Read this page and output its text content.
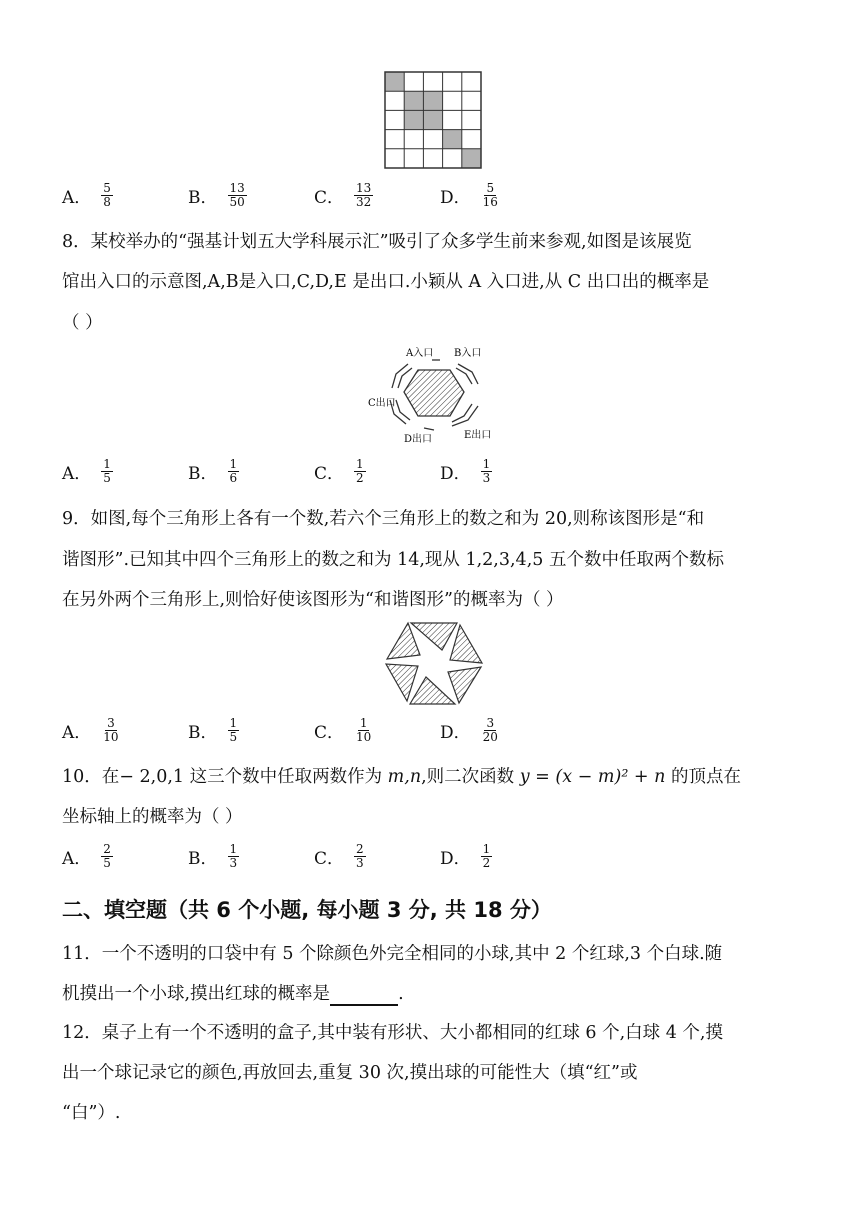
A． $\frac{5}{8}$	B． $\frac{13}{50}$	C． $\frac{13}{32}$	D． $\frac{5}{16}$
8．某校举办的“强基计划五大学科展示汇”吸引了众多学生前来参观,如图是该展览
馆出入口的示意图,A,B是入口,C,D,E 是出口.小颖从 A 入口进,从 C 出口出的概率是
（ ）
A入口 B入口
C出口
D出口	E出口
A． $\frac{1}{5}$	B． $\frac{1}{6}$	C． $\frac{1}{2}$	D． $\frac{1}{3}$
9．如图,每个三角形上各有一个数,若六个三角形上的数之和为 20,则称该图形是“和
谐图形”.已知其中四个三角形上的数之和为 14,现从 1,2,3,4,5 五个数中任取两个数标
在另外两个三角形上,则恰好使该图形为“和谐图形”的概率为（ ）
A． $\frac{3}{10}$	B． $\frac{1}{5}$	C． $\frac{1}{10}$	D． $\frac{3}{20}$
10．在− 2,0,1 这三个数中任取两数作为 m,n,则二次函数 y = (x − m)² + n 的顶点在
坐标轴上的概率为（ ）
A． $\frac{2}{5}$	B． $\frac{1}{3}$	C． $\frac{2}{3}$	D． $\frac{1}{2}$
二、填空题（共 6 个小题, 每小题 3 分, 共 18 分）
11．一个不透明的口袋中有 5 个除颜色外完全相同的小球,其中 2 个红球,3 个白球.随
机摸出一个小球,摸出红球的概率是	.
12．桌子上有一个不透明的盒子,其中装有形状、大小都相同的红球 6 个,白球 4 个,摸
出一个球记录它的颜色,再放回去,重复 30 次,摸出球的可能性大（填“红”或
“白”）.
